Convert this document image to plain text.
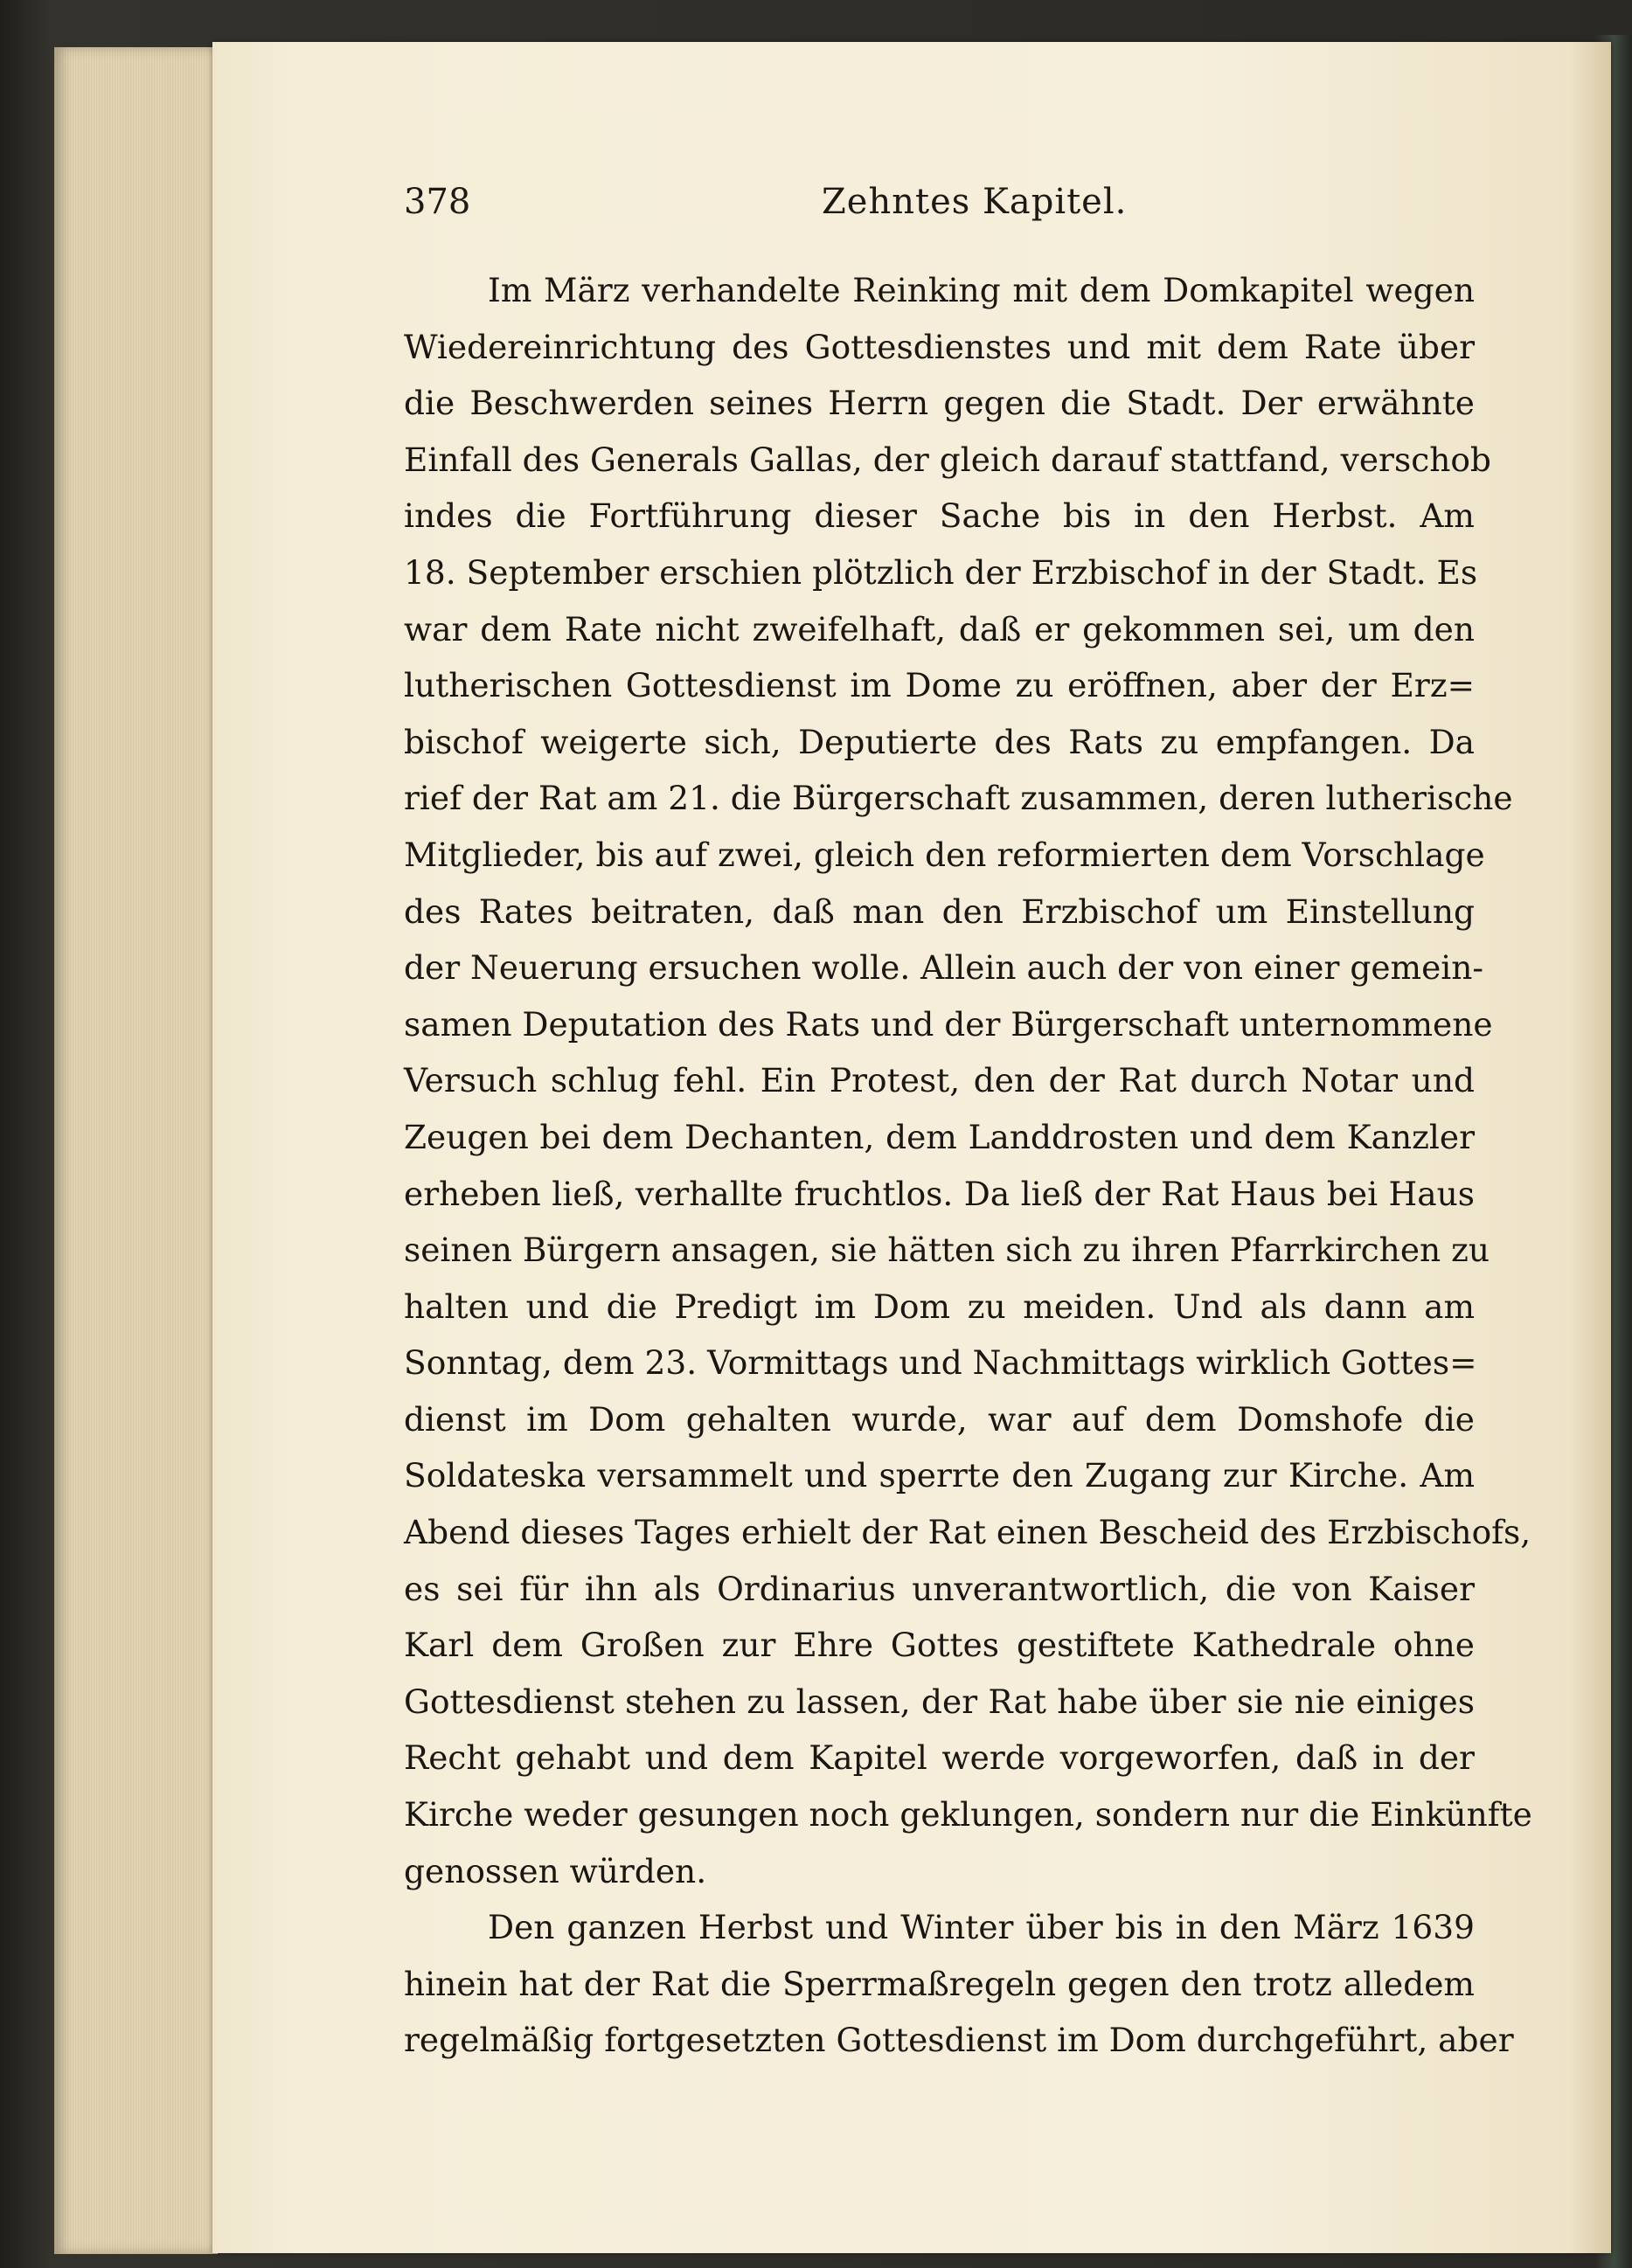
378	Zehntes Kapitel.
Im März verhandelte Reinking mit dem Domkapitel wegen
Wiedereinrichtung des Gottesdienstes und mit dem Rate über
die Beschwerden seines Herrn gegen die Stadt. Der erwähnte
Einfall des Generals Gallas, der gleich darauf stattfand, verschob
indes die Fortführung dieser Sache bis in den Herbst. Am
18. September erschien plötzlich der Erzbischof in der Stadt. Es
war dem Rate nicht zweifelhaft, daß er gekommen sei, um den
lutherischen Gottesdienst im Dome zu eröffnen, aber der Erz=
bischof weigerte sich, Deputierte des Rats zu empfangen. Da
rief der Rat am 21. die Bürgerschaft zusammen, deren lutherische
Mitglieder, bis auf zwei, gleich den reformierten dem Vorschlage
des Rates beitraten, daß man den Erzbischof um Einstellung
der Neuerung ersuchen wolle. Allein auch der von einer gemein-
samen Deputation des Rats und der Bürgerschaft unternommene
Versuch schlug fehl. Ein Protest, den der Rat durch Notar und
Zeugen bei dem Dechanten, dem Landdrosten und dem Kanzler
erheben ließ, verhallte fruchtlos. Da ließ der Rat Haus bei Haus
seinen Bürgern ansagen, sie hätten sich zu ihren Pfarrkirchen zu
halten und die Predigt im Dom zu meiden. Und als dann am
Sonntag, dem 23. Vormittags und Nachmittags wirklich Gottes=
dienst im Dom gehalten wurde, war auf dem Domshofe die
Soldateska versammelt und sperrte den Zugang zur Kirche. Am
Abend dieses Tages erhielt der Rat einen Bescheid des Erzbischofs,
es sei für ihn als Ordinarius unverantwortlich, die von Kaiser
Karl dem Großen zur Ehre Gottes gestiftete Kathedrale ohne
Gottesdienst stehen zu lassen, der Rat habe über sie nie einiges
Recht gehabt und dem Kapitel werde vorgeworfen, daß in der
Kirche weder gesungen noch geklungen, sondern nur die Einkünfte
genossen würden.
Den ganzen Herbst und Winter über bis in den März 1639
hinein hat der Rat die Sperrmaßregeln gegen den trotz alledem
regelmäßig fortgesetzten Gottesdienst im Dom durchgeführt, aber
